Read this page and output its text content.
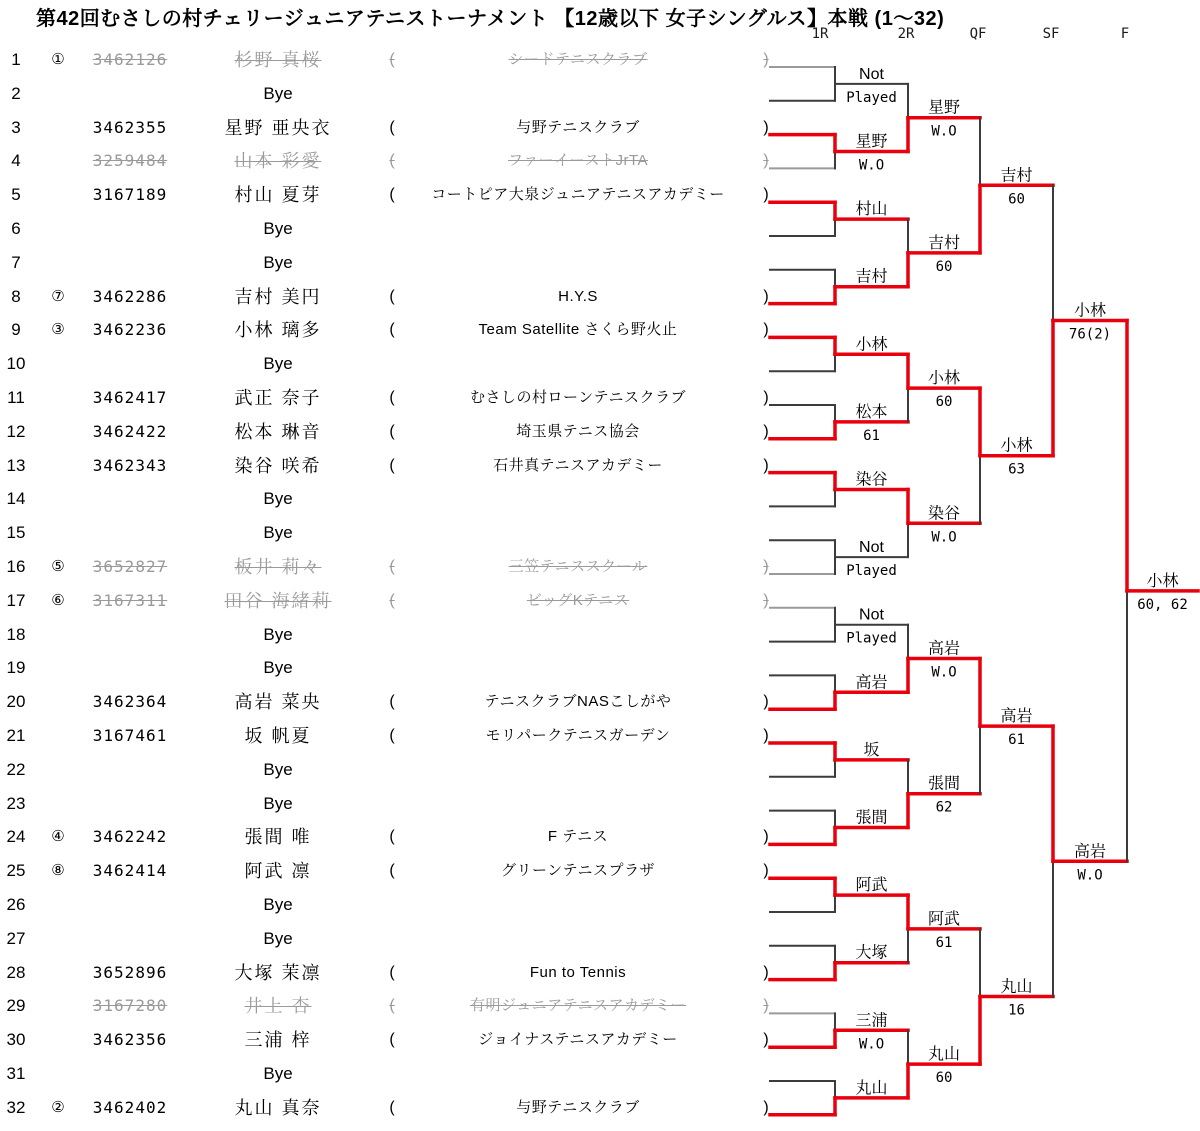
第42回むさしの村チェリージュニアテニストーナメント 【12歳以下 女子シングルス】本戦 (1～32)
1R	2R	QF	SF	F
1 ① 3462126	杉野 真桜	(	シードテニスクラブ	)
2	Bye
3	3462355	星野 亜央衣	(	与野テニスクラブ	)
4	3259484	山本 彩愛	(	ファーイーストJrTA	)
5	3167189	村山 夏芽	( コートピア大泉ジュニアテニスアカデミー )
6	Bye
7	Bye
8 ⑦ 3462286	吉村 美円	(	H.Y.S	)
9 ③ 3462236	小林 璃多	(	Team Satellite さくら野火止	)
10	Bye
11	3462417	武正 奈子	(	むさしの村ローンテニスクラブ	)
12	3462422	松本 琳音	(	埼玉県テニス協会	)
13	3462343	染谷 咲希	(	石井真テニスアカデミー	)
14	Bye
15	Bye
16 ⑤ 3652827	板井 莉々	(	三笠テニススクール	)
17 ⑥ 3167311	田谷 海緒莉	(	ビッグKテニス	)
18	Bye
19	Bye
20	3462364	高岩 菜央	(	テニスクラブNASこしがや	)
21	3167461	坂 帆夏	(	モリパークテニスガーデン	)
22	Bye
23	Bye
24 ④ 3462242	張間 唯	(	F テニス	)
25 ⑧ 3462414	阿武 凛	(	グリーンテニスプラザ	)
26	Bye
27	Bye
28	3652896	大塚 茉凛	(	Fun to Tennis	)
29	3167280	井上 杏	(	有明ジュニアテニスアカデミー	)
30	3462356	三浦 梓	(	ジョイナステニスアカデミー	)
31	Bye
32 ② 3462402	丸山 真奈	(	与野テニスクラブ	)
Not
Played
星野
W.O
村山
吉村
小林
松本
61
染谷
Not
Played
Not
Played
高岩
坂
張間
阿武
大塚
三浦
W.O
丸山
星野
W.O
吉村
60
小林
60
染谷
W.O
高岩
W.O
張間
62
阿武
61
丸山
60
吉村
60
小林
63
高岩
61
丸山
16
小林
76(2)
高岩
W.O
小林
60, 62
